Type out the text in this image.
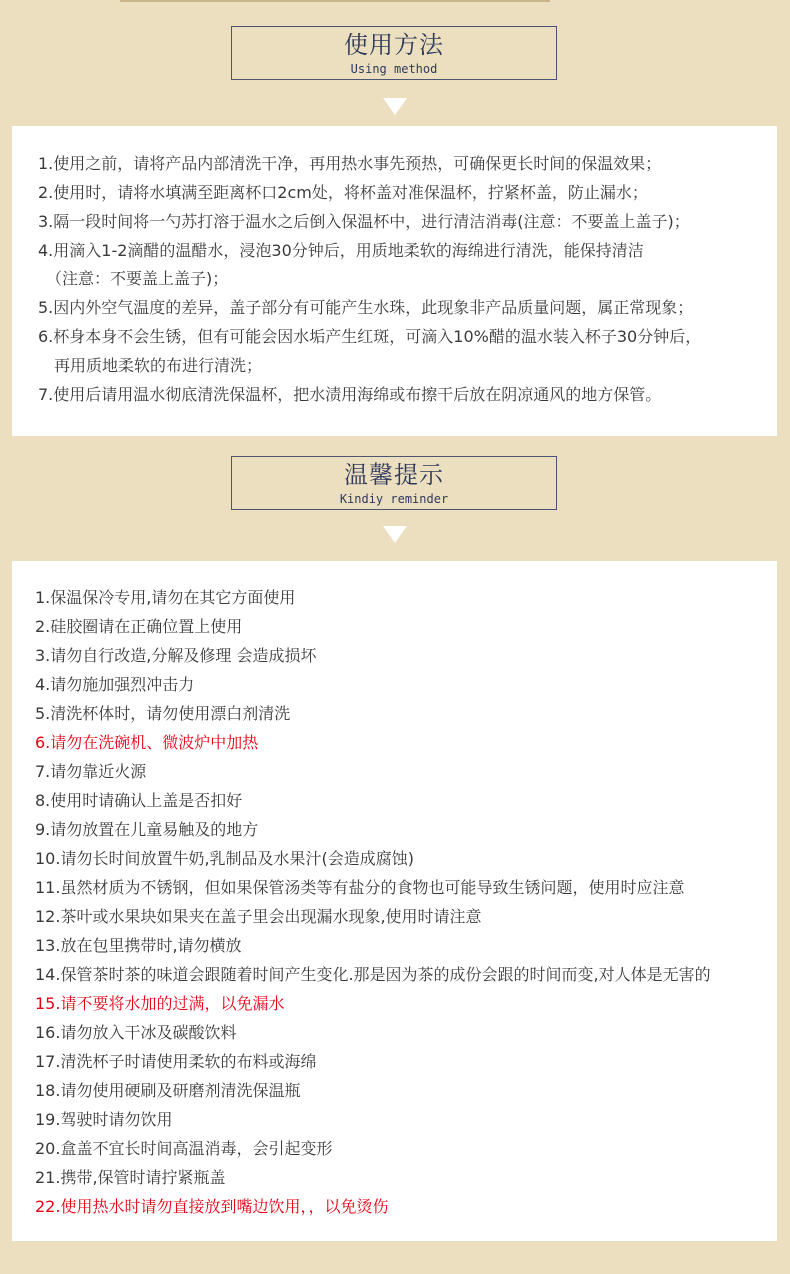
使用方法
Using method
1.使用之前，请将产品内部清洗干净，再用热水事先预热，可确保更长时间的保温效果；
2.使用时，请将水填满至距离杯口2cm处，将杯盖对准保温杯，拧紧杯盖，防止漏水；
3.隔一段时间将一勺苏打溶于温水之后倒入保温杯中，进行清洁消毒(注意：不要盖上盖子)；
4.用滴入1-2滴醋的温醋水，浸泡30分钟后，用质地柔软的海绵进行清洗，能保持清洁
（注意：不要盖上盖子)；
5.因内外空气温度的差异，盖子部分有可能产生水珠，此现象非产品质量问题，属正常现象；
6.杯身本身不会生锈，但有可能会因水垢产生红斑，可滴入10%醋的温水装入杯子30分钟后，
再用质地柔软的布进行清洗；
7.使用后请用温水彻底清洗保温杯，把水渍用海绵或布擦干后放在阴凉通风的地方保管。
温馨提示
Kindiy reminder
1.保温保冷专用,请勿在其它方面使用
2.硅胶圈请在正确位置上使用
3.请勿自行改造,分解及修理 会造成损坏
4.请勿施加强烈冲击力
5.清洗杯体时，请勿使用漂白剂清洗
6.请勿在洗碗机、微波炉中加热
7.请勿靠近火源
8.使用时请确认上盖是否扣好
9.请勿放置在儿童易触及的地方
10.请勿长时间放置牛奶,乳制品及水果汁(会造成腐蚀)
11.虽然材质为不锈钢，但如果保管汤类等有盐分的食物也可能导致生锈问题，使用时应注意
12.茶叶或水果块如果夹在盖子里会出现漏水现象,使用时请注意
13.放在包里携带时,请勿横放
14.保管茶时茶的味道会跟随着时间产生变化.那是因为茶的成份会跟的时间而变,对人体是无害的
15.请不要将水加的过满，以免漏水
16.请勿放入干冰及碳酸饮料
17.清洗杯子时请使用柔软的布料或海绵
18.请勿使用硬刷及研磨剂清洗保温瓶
19.驾驶时请勿饮用
20.盒盖不宜长时间高温消毒，会引起变形
21.携带,保管时请拧紧瓶盖
22.使用热水时请勿直接放到嘴边饮用，，以免烫伤
